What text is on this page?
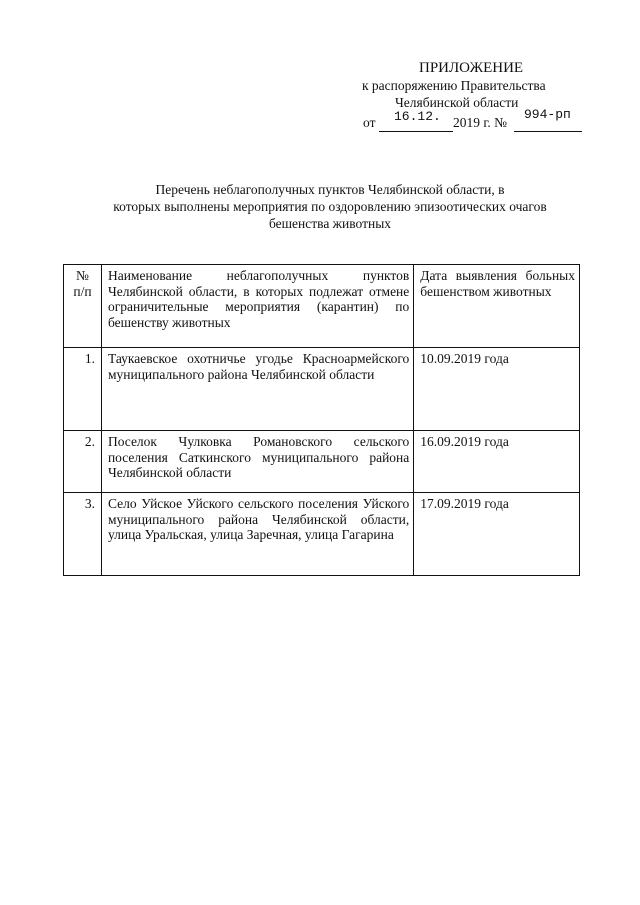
ПРИЛОЖЕНИЕ
к распоряжению Правительства
Челябинской области
от 16.12. 2019 г. №
994-рп
Перечень неблагополучных пунктов Челябинской области, в
которых выполнены мероприятия по оздоровлению эпизоотических очагов
бешенства животных
№ п/п	Наименование неблагополучных пунктов Челябинской области, в которых подлежат отмене ограничительные мероприятия (карантин) по бешенству животных	Дата выявления больных бешенством животных
1.	Таукаевское охотничье угодье Красноармейского муниципального района Челябинской области	10.09.2019 года
2.	Поселок Чулковка Романовского сельского поселения Саткинского муниципального района Челябинской области	16.09.2019 года
3.	Село Уйское Уйского сельского поселения Уйского муниципального района Челябинской области, улица Уральская, улица Заречная, улица Гагарина	17.09.2019 года
